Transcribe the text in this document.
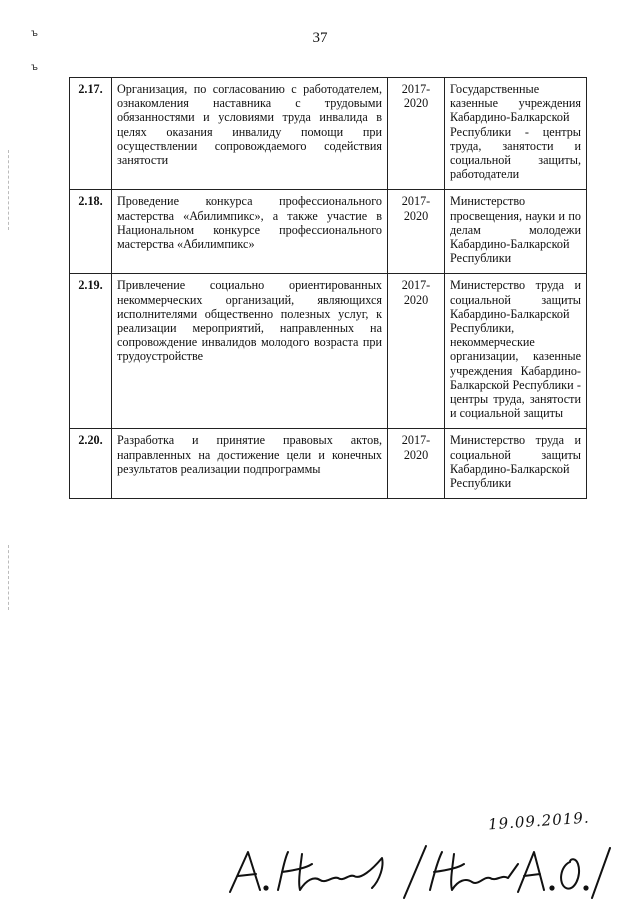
37
ъ
ъ
2.17.	Организация, по согласованию с работодателем, ознакомления наставника с трудовыми обязанностями и условиями труда инвалида в целях оказания инвалиду помощи при осуществлении сопровождаемого содействия занятости	2017-2020	Государственные казенные учреждения Кабардино-Балкарской Республики - центры труда, занятости и социальной защиты, работодатели
2.18.	Проведение конкурса профессионального мастерства «Абилимпикс», а также участие в Национальном конкурсе профессионального мастерства «Абилимпикс»	2017-2020	Министерство просвещения, науки и по делам молодежи Кабардино-Балкарской Республики
2.19.	Привлечение социально ориентированных некоммерческих организаций, являющихся исполнителями общественно полезных услуг, к реализации мероприятий, направленных на сопровождение инвалидов молодого возраста при трудоустройстве	2017-2020	Министерство труда и социальной защиты Кабардино-Балкарской Республики, некоммерческие организации, казенные учреждения Кабардино-Балкарской Республики - центры труда, занятости и социальной защиты
2.20.	Разработка и принятие правовых актов, направленных на достижение цели и конечных результатов реализации подпрограммы	2017-2020	Министерство труда и социальной защиты Кабардино-Балкарской Республики
19.09.2019.
